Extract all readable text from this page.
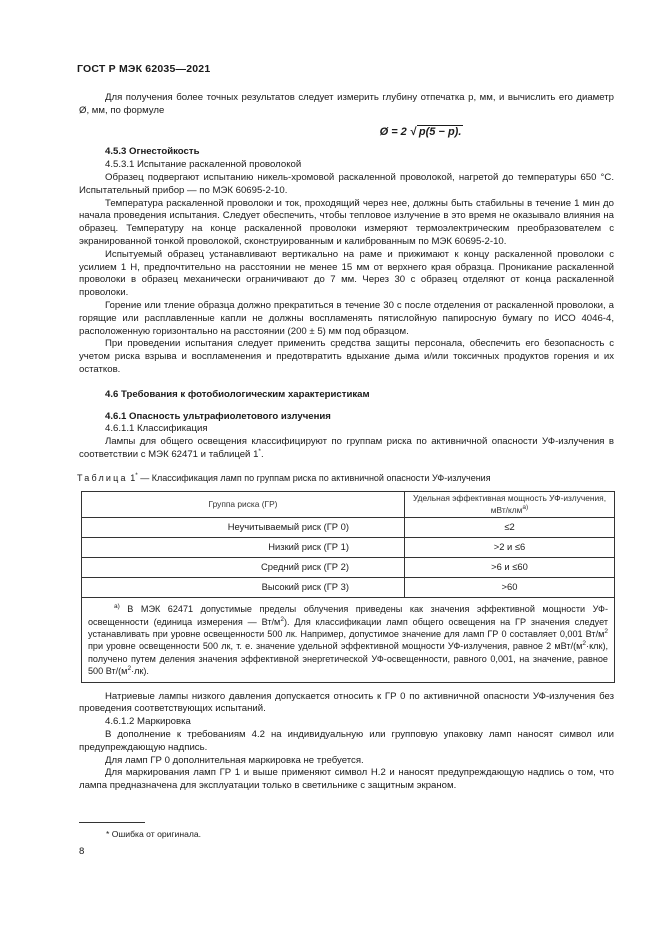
ГОСТ Р МЭК 62035—2021

Для получения более точных результатов следует измерить глубину отпечатка p, мм, и вычислить его диаметр Ø, мм, по формуле

Ø = 2 √ p(5 − p).

4.5.3 Огнестойкость

4.5.3.1 Испытание раскаленной проволокой

Образец подвергают испытанию никель-хромовой раскаленной проволокой, нагретой до температуры 650 °С. Испытательный прибор — по МЭК 60695-2-10.

Температура раскаленной проволоки и ток, проходящий через нее, должны быть стабильны в течение 1 мин до начала проведения испытания. Следует обеспечить, чтобы тепловое излучение в это время не оказывало влияния на образец. Температуру на конце раскаленной проволоки измеряют термоэлектрическим преобразователем с экранированной тонкой проволокой, сконструированным и калиброванным по МЭК 60695-2-10.

Испытуемый образец устанавливают вертикально на раме и прижимают к концу раскаленной проволоки с усилием 1 Н, предпочтительно на расстоянии не менее 15 мм от верхнего края образца. Проникание раскаленной проволоки в образец механически ограничивают до 7 мм. Через 30 с образец отделяют от конца раскаленной проволоки.

Горение или тление образца должно прекратиться в течение 30 с после отделения от раскаленной проволоки, а горящие или расплавленные капли не должны воспламенять пятислойную папиросную бумагу по ИСО 4046-4, расположенную горизонтально на расстоянии (200 ± 5) мм под образцом.

При проведении испытания следует применить средства защиты персонала, обеспечить его безопасность с учетом риска взрыва и воспламенения и предотвратить вдыхание дыма и/или токсичных продуктов горения и их остатков.

4.6 Требования к фотобиологическим характеристикам

4.6.1 Опасность ультрафиолетового излучения

4.6.1.1 Классификация

Лампы для общего освещения классифицируют по группам риска по активничной опасности УФ-излучения в соответствии с МЭК 62471 и таблицей 1*.

Таблица 1* — Классификация ламп по группам риска по активничной опасности УФ-излучения

Группа риска (ГР)	Удельная эффективная мощность УФ-излучения, мВт/клм$^{а)}$
Неучитываемый риск (ГР 0)	≤2
Низкий риск (ГР 1)	>2 и ≤6
Средний риск (ГР 2)	>6 и ≤60
Высокий риск (ГР 3)	>60

$^{а)}$ В МЭК 62471 допустимые пределы облучения приведены как значения эффективной мощности УФ-освещенности (единица измерения — $Вт/м^2$). Для классификации ламп общего освещения на ГР значения следует устанавливать при уровне освещенности 500 лк. Например, допустимое значение для ламп ГР 0 составляет 0,001 $Вт/м^2$ при уровне освещенности 500 лк, т. е. значение удельной эффективной мощности УФ-излучения, равное 2 мВт/$(м^2\cdot клк)$, получено путем деления значения эффективной энергетической УФ-освещенности, равного 0,001, на значение, равное 500 $Вт/(м^2\cdot лк)$.	

Натриевые лампы низкого давления допускается относить к ГР 0 по активничной опасности УФ-излучения без проведения соответствующих испытаний.

4.6.1.2 Маркировка

В дополнение к требованиям 4.2 на индивидуальную или групповую упаковку ламп наносят символ или предупреждающую надпись.

Для ламп ГР 0 дополнительная маркировка не требуется.

Для маркирования ламп ГР 1 и выше применяют символ Н.2 и наносят предупреждающую надпись о том, что лампа предназначена для эксплуатации только в светильнике с защитным экраном.

* Ошибка от оригинала.
8
